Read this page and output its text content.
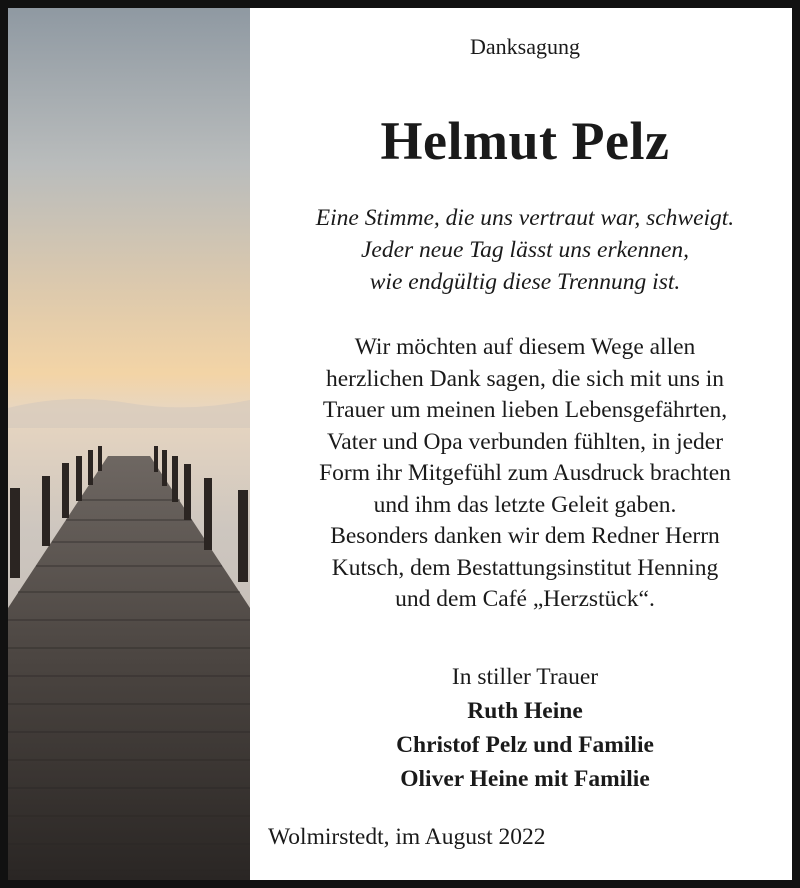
Danksagung
Helmut Pelz
Eine Stimme, die uns vertraut war, schweigt.
Jeder neue Tag lässt uns erkennen,
wie endgültig diese Trennung ist.
Wir möchten auf diesem Wege allen
herzlichen Dank sagen, die sich mit uns in
Trauer um meinen lieben Lebensgefährten,
Vater und Opa verbunden fühlten, in jeder
Form ihr Mitgefühl zum Ausdruck brachten
und ihm das letzte Geleit gaben.
Besonders danken wir dem Redner Herrn
Kutsch, dem Bestattungsinstitut Henning
und dem Café „Herzstück“.
In stiller Trauer
Ruth Heine
Christof Pelz und Familie
Oliver Heine mit Familie
Wolmirstedt, im August 2022
